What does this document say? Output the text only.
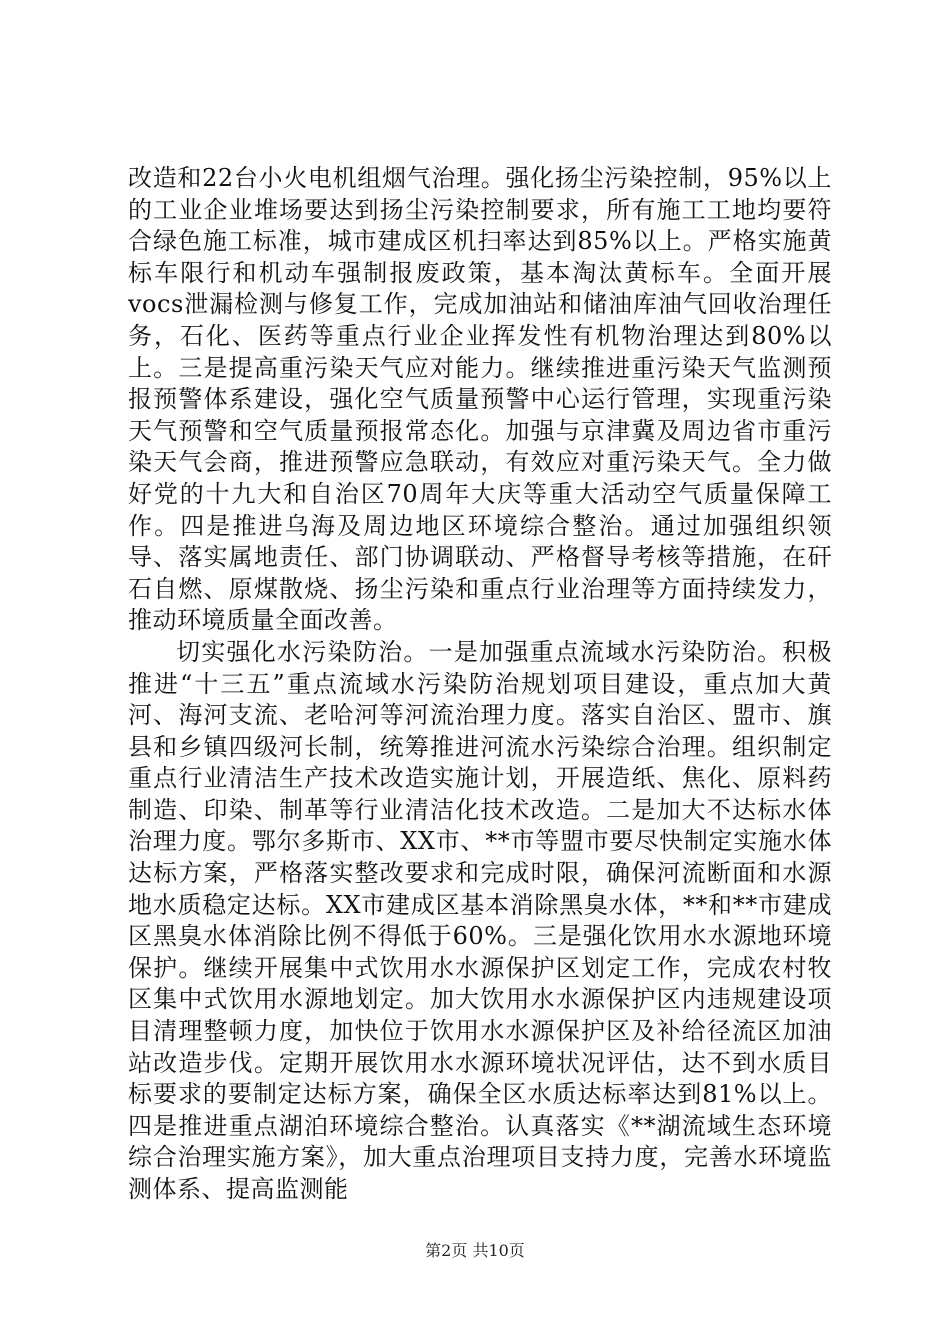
改造和22台小火电机组烟气治理。强化扬尘污染控制，95%以上的工业企业堆场要达到扬尘污染控制要求，所有施工工地均要符合绿色施工标准，城市建成区机扫率达到85%以上。严格实施黄标车限行和机动车强制报废政策，基本淘汰黄标车。全面开展vocs泄漏检测与修复工作，完成加油站和储油库油气回收治理任务，石化、医药等重点行业企业挥发性有机物治理达到80%以上。三是提高重污染天气应对能力。继续推进重污染天气监测预报预警体系建设，强化空气质量预警中心运行管理，实现重污染天气预警和空气质量预报常态化。加强与京津冀及周边省市重污染天气会商，推进预警应急联动，有效应对重污染天气。全力做好党的十九大和自治区70周年大庆等重大活动空气质量保障工作。四是推进乌海及周边地区环境综合整治。通过加强组织领导、落实属地责任、部门协调联动、严格督导考核等措施，在矸石自燃、原煤散烧、扬尘污染和重点行业治理等方面持续发力，推动环境质量全面改善。

切实强化水污染防治。一是加强重点流域水污染防治。积极推进“十三五”重点流域水污染防治规划项目建设，重点加大黄河、海河支流、老哈河等河流治理力度。落实自治区、盟市、旗县和乡镇四级河长制，统筹推进河流水污染综合治理。组织制定重点行业清洁生产技术改造实施计划，开展造纸、焦化、原料药制造、印染、制革等行业清洁化技术改造。二是加大不达标水体治理力度。鄂尔多斯市、XX市、**市等盟市要尽快制定实施水体达标方案，严格落实整改要求和完成时限，确保河流断面和水源地水质稳定达标。XX市建成区基本消除黑臭水体，**和**市建成区黑臭水体消除比例不得低于60%。三是强化饮用水水源地环境保护。继续开展集中式饮用水水源保护区划定工作，完成农村牧区集中式饮用水源地划定。加大饮用水水源保护区内违规建设项目清理整顿力度，加快位于饮用水水源保护区及补给径流区加油站改造步伐。定期开展饮用水水源环境状况评估，达不到水质目标要求的要制定达标方案，确保全区水质达标率达到81%以上。四是推进重点湖泊环境综合整治。认真落实《**湖流域生态环境综合治理实施方案》，加大重点治理项目支持力度，完善水环境监测体系、提高监测能

第2页 共10页
